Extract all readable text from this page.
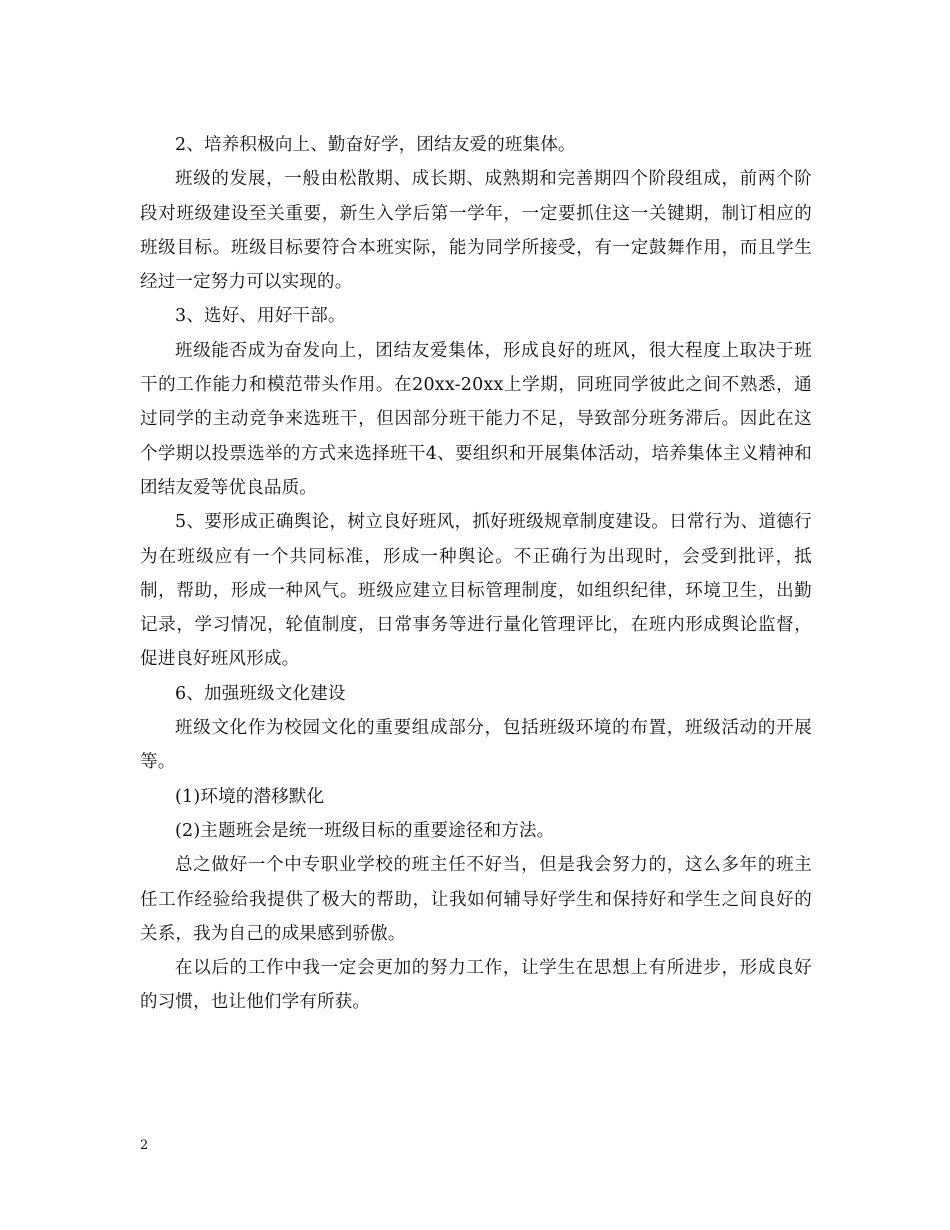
2、培养积极向上、勤奋好学，团结友爱的班集体。

班级的发展，一般由松散期、成长期、成熟期和完善期四个阶段组成，前两个阶段对班级建设至关重要，新生入学后第一学年，一定要抓住这一关键期，制订相应的班级目标。班级目标要符合本班实际，能为同学所接受，有一定鼓舞作用，而且学生经过一定努力可以实现的。

3、选好、用好干部。

班级能否成为奋发向上，团结友爱集体，形成良好的班风，很大程度上取决于班干的工作能力和模范带头作用。在20xx-20xx上学期，同班同学彼此之间不熟悉，通过同学的主动竞争来选班干，但因部分班干能力不足，导致部分班务滞后。因此在这个学期以投票选举的方式来选择班干4、要组织和开展集体活动，培养集体主义精神和团结友爱等优良品质。

5、要形成正确舆论，树立良好班风，抓好班级规章制度建设。日常行为、道德行为在班级应有一个共同标准，形成一种舆论。不正确行为出现时，会受到批评，抵制，帮助，形成一种风气。班级应建立目标管理制度，如组织纪律，环境卫生，出勤记录，学习情况，轮值制度，日常事务等进行量化管理评比，在班内形成舆论监督，促进良好班风形成。

6、加强班级文化建设

班级文化作为校园文化的重要组成部分，包括班级环境的布置，班级活动的开展等。

(1)环境的潜移默化

(2)主题班会是统一班级目标的重要途径和方法。

总之做好一个中专职业学校的班主任不好当，但是我会努力的，这么多年的班主任工作经验给我提供了极大的帮助，让我如何辅导好学生和保持好和学生之间良好的关系，我为自己的成果感到骄傲。

在以后的工作中我一定会更加的努力工作，让学生在思想上有所进步，形成良好的习惯，也让他们学有所获。

2
